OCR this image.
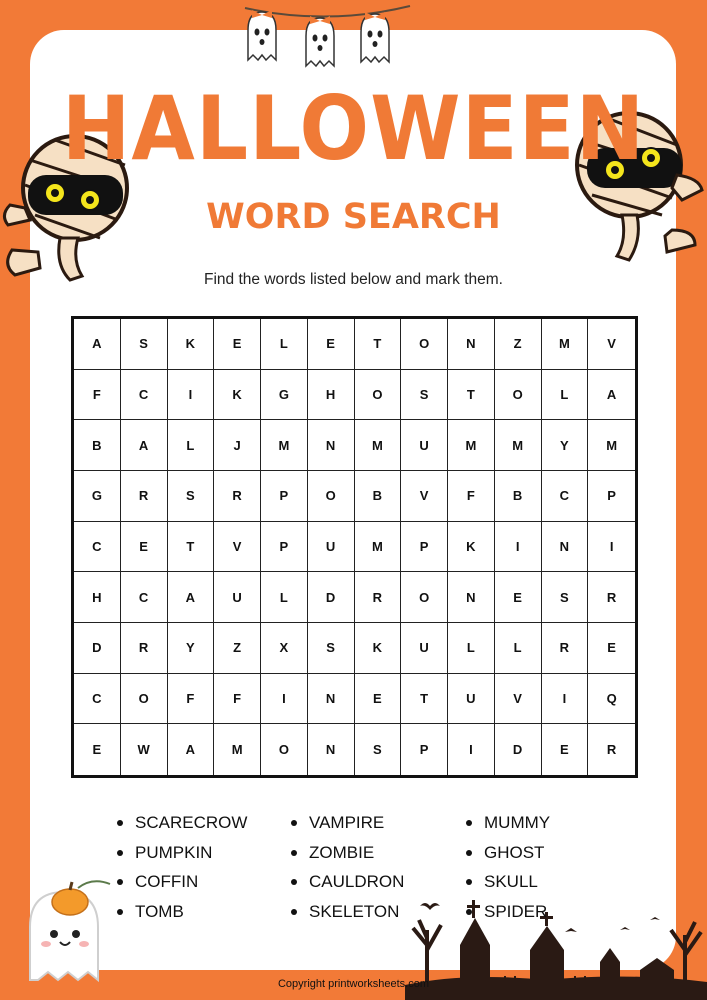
HALLOWEEN
WORD SEARCH
Find the words listed below and mark them.
A	S	K	E	L	E	T	O	N	Z	M	V
F	C	I	K	G	H	O	S	T	O	L	A
B	A	L	J	M	N	M	U	M	M	Y	M
G	R	S	R	P	O	B	V	F	B	C	P
C	E	T	V	P	U	M	P	K	I	N	I
H	C	A	U	L	D	R	O	N	E	S	R
D	R	Y	Z	X	S	K	U	L	L	R	E
C	O	F	F	I	N	E	T	U	V	I	Q
E	W	A	M	O	N	S	P	I	D	E	R
SCARECROW
PUMPKIN
COFFIN
TOMB
VAMPIRE
ZOMBIE
CAULDRON
SKELETON
MUMMY
GHOST
SKULL
SPIDER
Copyright printworksheets.com
